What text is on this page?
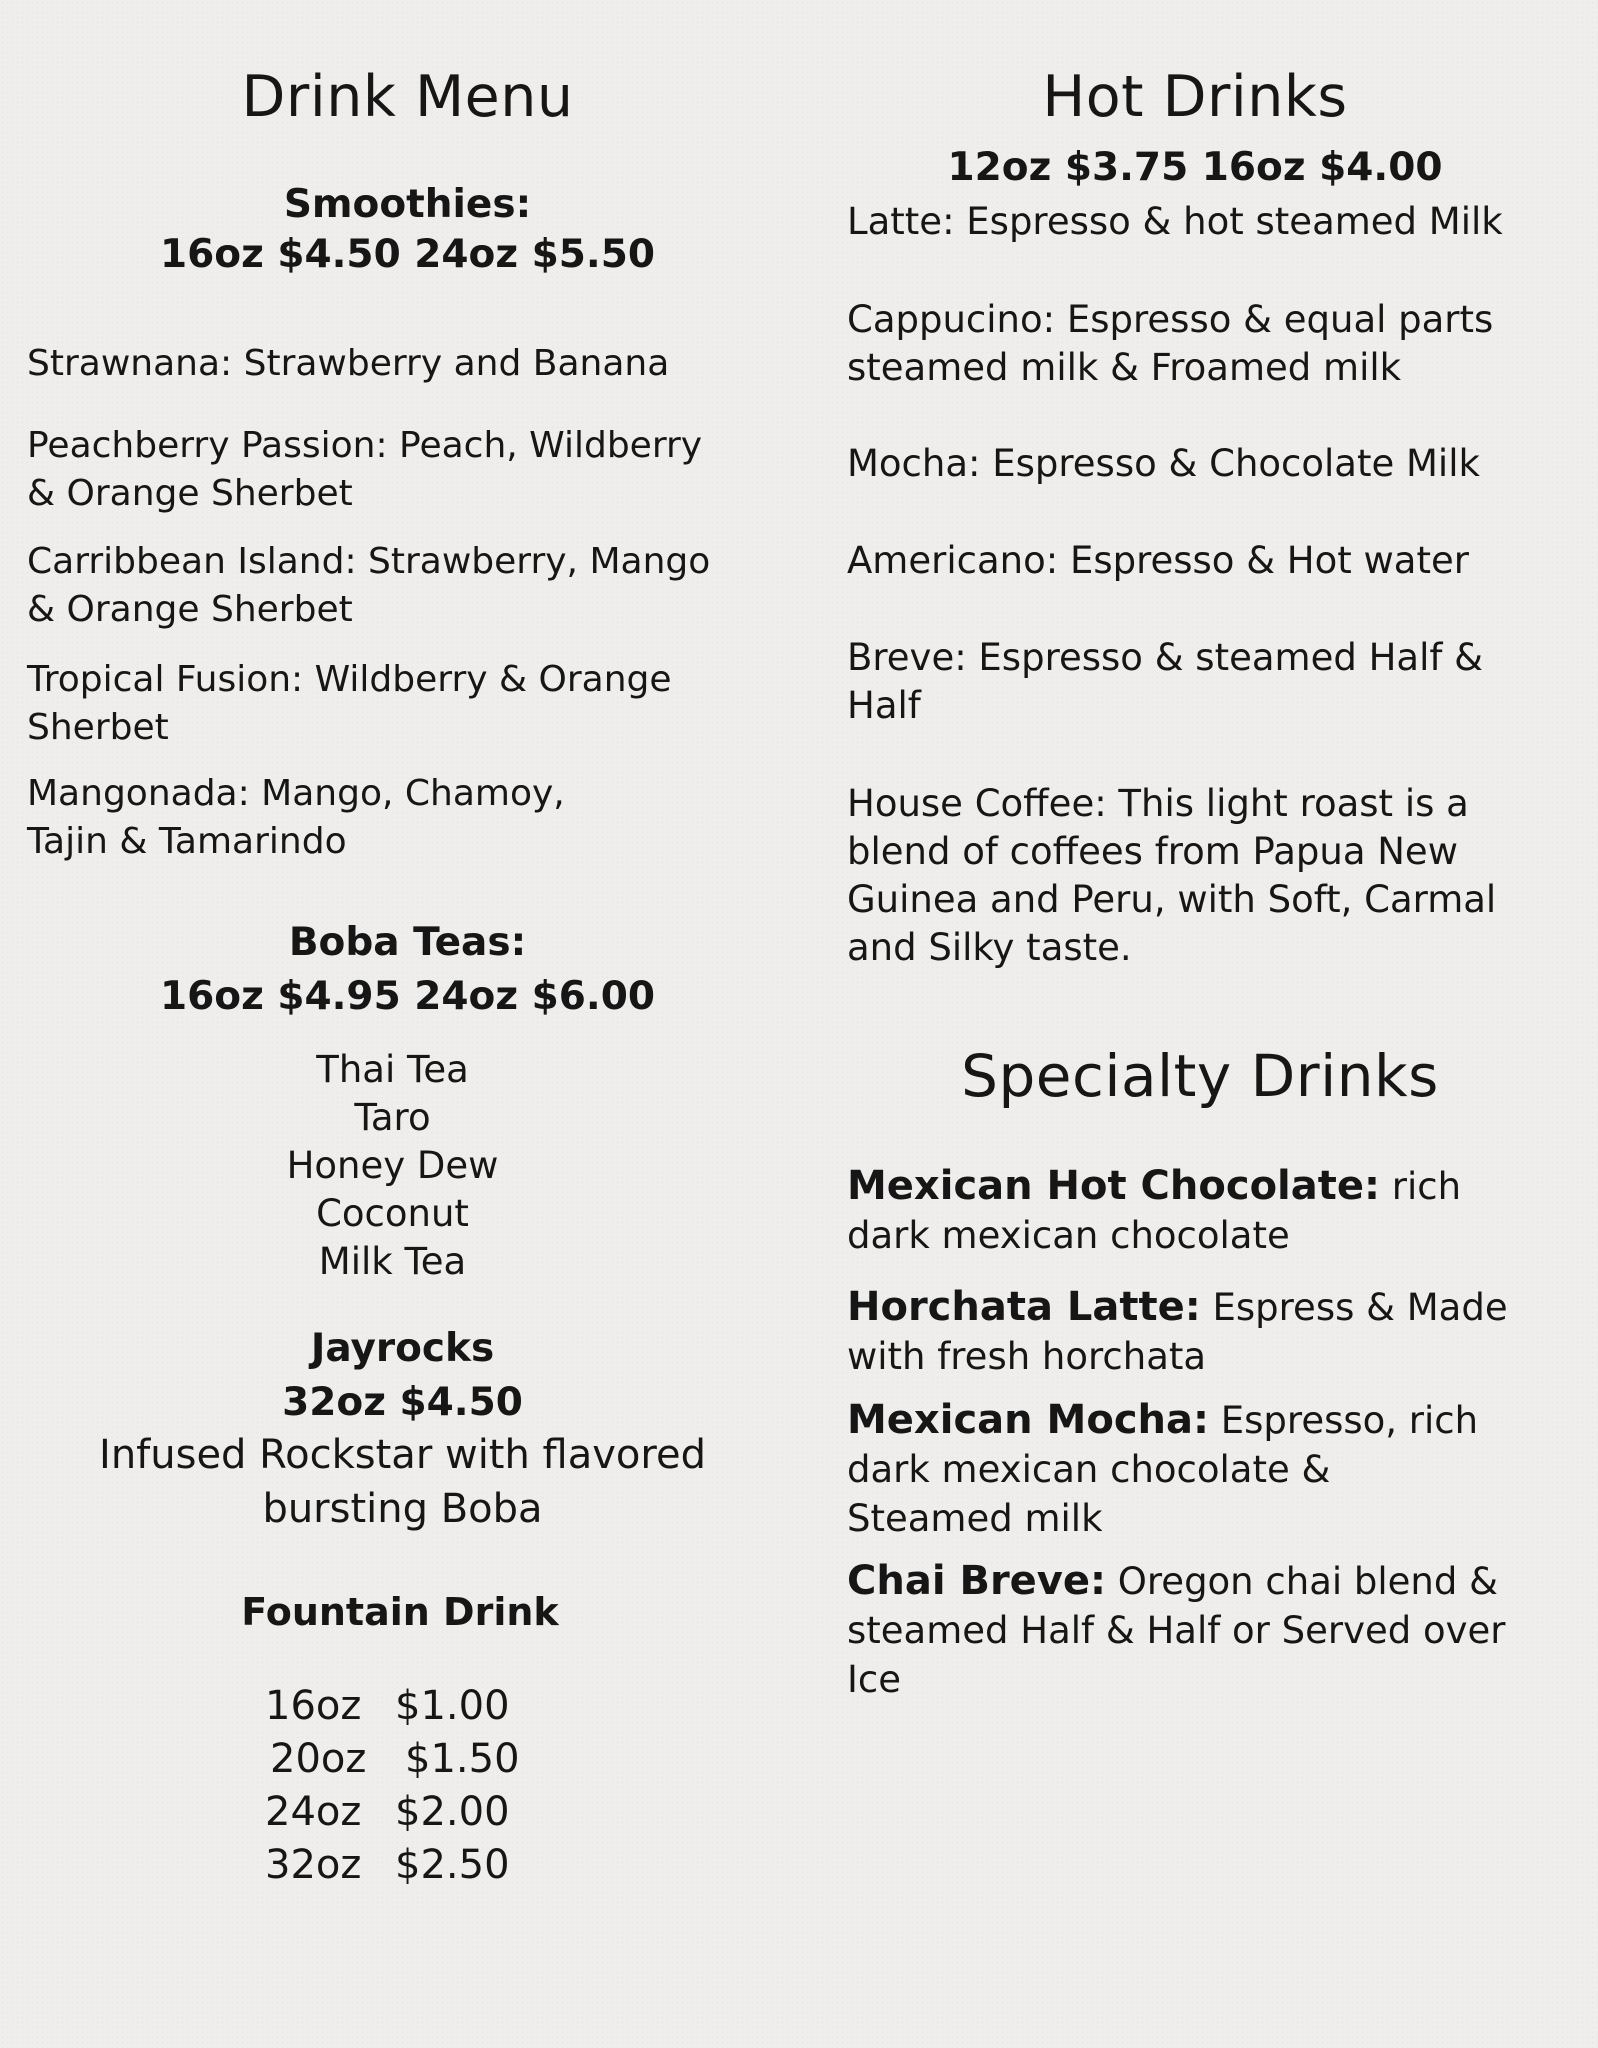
Drink Menu
Smoothies:
16oz $4.50 24oz $5.50
Strawnana: Strawberry and Banana
Peachberry Passion: Peach, Wildberry
& Orange Sherbet
Carribbean Island: Strawberry, Mango
& Orange Sherbet
Tropical Fusion: Wildberry & Orange
Sherbet
Mangonada: Mango, Chamoy,
Tajin & Tamarindo
Boba Teas:
16oz $4.95 24oz $6.00
Thai Tea
Taro
Honey Dew
Coconut
Milk Tea
Jayrocks
32oz $4.50
Infused Rockstar with flavored
bursting Boba
Fountain Drink
16oz $1.00
20oz $1.50
24oz $2.00
32oz $2.50
Hot Drinks
12oz $3.75 16oz $4.00
Latte: Espresso & hot steamed Milk
Cappucino: Espresso & equal parts
steamed milk & Froamed milk
Mocha: Espresso & Chocolate Milk
Americano: Espresso & Hot water
Breve: Espresso & steamed Half &
Half
House Coffee: This light roast is a
blend of coffees from Papua New
Guinea and Peru, with Soft, Carmal
and Silky taste.
Specialty Drinks
Mexican Hot Chocolate: rich
dark mexican chocolate
Horchata Latte: Espress & Made
with fresh horchata
Mexican Mocha: Espresso, rich
dark mexican chocolate &
Steamed milk
Chai Breve: Oregon chai blend &
steamed Half & Half or Served over
Ice
